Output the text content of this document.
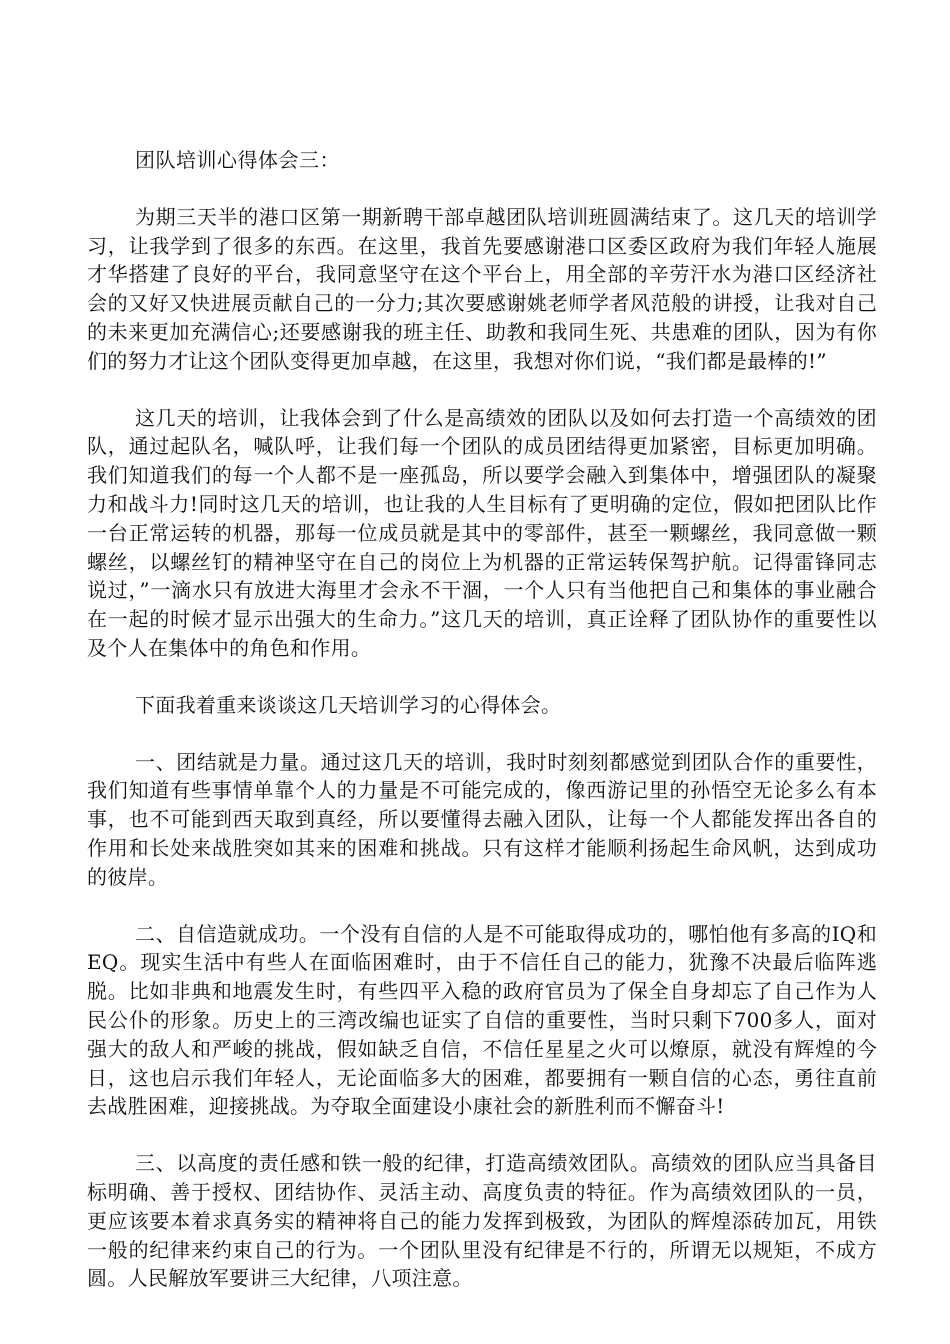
团队培训心得体会三：

为期三天半的港口区第一期新聘干部卓越团队培训班圆满结束了。这几天的培训学习，让我学到了很多的东西。在这里，我首先要感谢港口区委区政府为我们年轻人施展才华搭建了良好的平台，我同意坚守在这个平台上，用全部的辛劳汗水为港口区经济社会的又好又快进展贡献自己的一分力;其次要感谢姚老师学者风范般的讲授，让我对自己的未来更加充满信心;还要感谢我的班主任、助教和我同生死、共患难的团队，因为有你们的努力才让这个团队变得更加卓越，在这里，我想对你们说，“我们都是最棒的!”

这几天的培训，让我体会到了什么是高绩效的团队以及如何去打造一个高绩效的团队，通过起队名，喊队呼，让我们每一个团队的成员团结得更加紧密，目标更加明确。我们知道我们的每一个人都不是一座孤岛，所以要学会融入到集体中，增强团队的凝聚力和战斗力!同时这几天的培训，也让我的人生目标有了更明确的定位，假如把团队比作一台正常运转的机器，那每一位成员就是其中的零部件，甚至一颗螺丝，我同意做一颗螺丝，以螺丝钉的精神坚守在自己的岗位上为机器的正常运转保驾护航。记得雷锋同志说过，”一滴水只有放进大海里才会永不干涸，一个人只有当他把自己和集体的事业融合在一起的时候才显示出强大的生命力。”这几天的培训，真正诠释了团队协作的重要性以及个人在集体中的角色和作用。

下面我着重来谈谈这几天培训学习的心得体会。

一、团结就是力量。通过这几天的培训，我时时刻刻都感觉到团队合作的重要性，我们知道有些事情单靠个人的力量是不可能完成的，像西游记里的孙悟空无论多么有本事，也不可能到西天取到真经，所以要懂得去融入团队，让每一个人都能发挥出各自的作用和长处来战胜突如其来的困难和挑战。只有这样才能顺利扬起生命风帆，达到成功的彼岸。

二、自信造就成功。一个没有自信的人是不可能取得成功的，哪怕他有多高的IQ和EQ。现实生活中有些人在面临困难时，由于不信任自己的能力，犹豫不决最后临阵逃脱。比如非典和地震发生时，有些四平入稳的政府官员为了保全自身却忘了自己作为人民公仆的形象。历史上的三湾改编也证实了自信的重要性，当时只剩下700多人，面对强大的敌人和严峻的挑战，假如缺乏自信，不信任星星之火可以燎原，就没有辉煌的今日，这也启示我们年轻人，无论面临多大的困难，都要拥有一颗自信的心态，勇往直前去战胜困难，迎接挑战。为夺取全面建设小康社会的新胜利而不懈奋斗!

三、以高度的责任感和铁一般的纪律，打造高绩效团队。高绩效的团队应当具备目标明确、善于授权、团结协作、灵活主动、高度负责的特征。作为高绩效团队的一员，更应该要本着求真务实的精神将自己的能力发挥到极致，为团队的辉煌添砖加瓦，用铁一般的纪律来约束自己的行为。一个团队里没有纪律是不行的，所谓无以规矩，不成方圆。人民解放军要讲三大纪律，八项注意。
